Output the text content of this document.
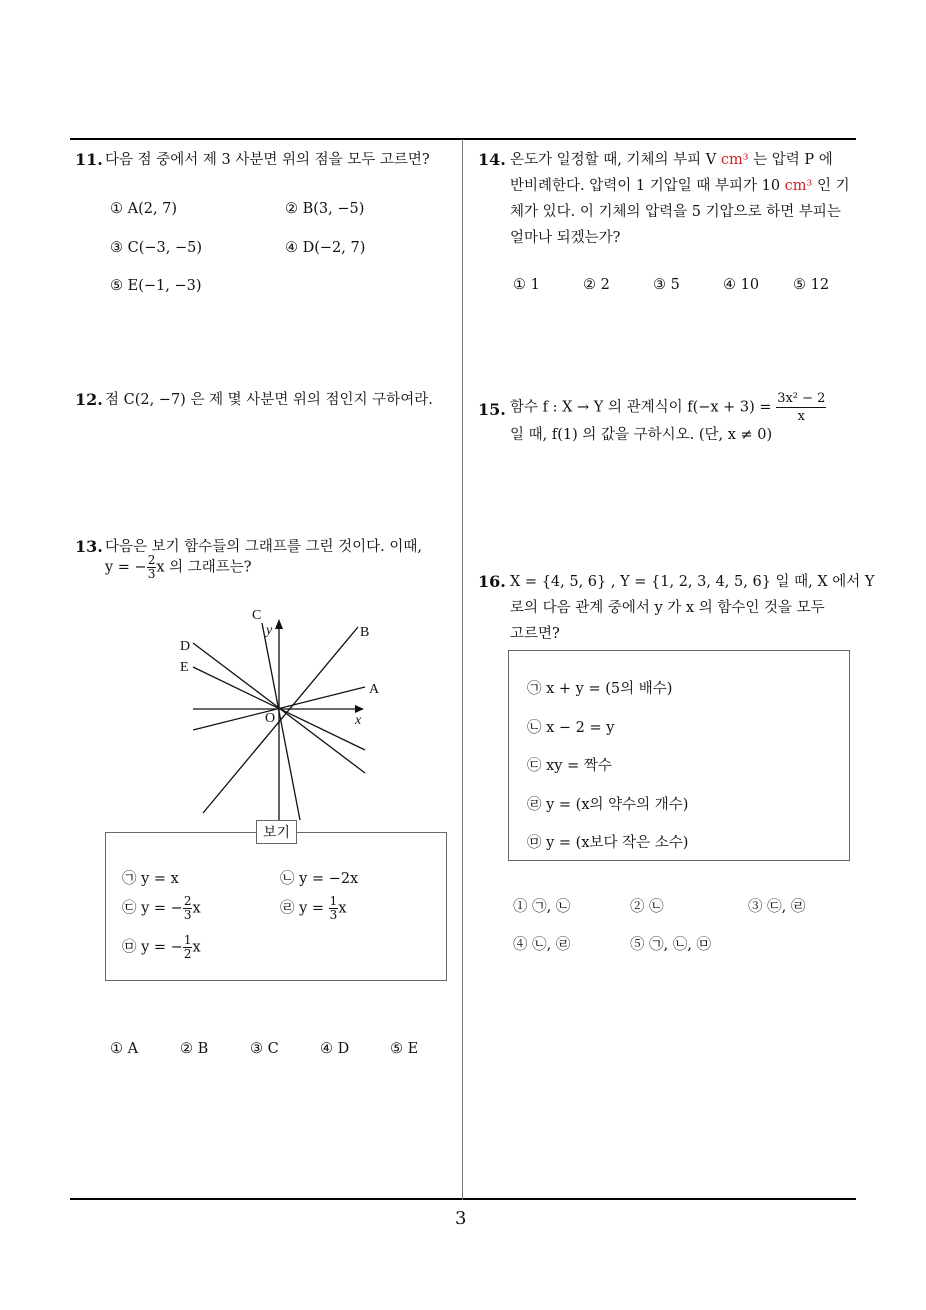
3
11. 다음 점 중에서 제 3 사분면 위의 점을 모두 고르면?
① A(2, 7)	② B(3, −5)
③ C(−3, −5)	④ D(−2, 7)
⑤ E(−1, −3)
12. 점 C(2, −7) 은 제 몇 사분면 위의 점인지 구하여라.
13. 다음은 보기 함수들의 그래프를 그린 것이다. 이때,
y = − $\frac{2}{3}$ x 의 그래프는?
C
B
D
E
A
O	x
y
보기
㉠ y = x	㉡ y = −2x
㉢ y = − $\frac{2}{3}$ x	㉣ $y = \frac{1}{3}$ x
㉤ y = − $\frac{1}{2}$ x
① A	② B	③ C	④ D	⑤ E
14. 온도가 일정할 때, 기체의 부피 V cm³ 는 압력 P 에
반비례한다. 압력이 1 기압일 때 부피가 10 cm³ 인 기
체가 있다. 이 기체의 압력을 5 기압으로 하면 부피는
얼마나 되겠는가?
① 1	② 2	③ 5	④ 10 ⑤ 12
15. 함수 f : X → Y 의 관계식이 $f(-x + 3) = \frac{\text{3x² − 2}}{x}$
일 때, f(1) 의 값을 구하시오. (단, x ≠ 0)
16. X = {4, 5, 6} , Y = {1, 2, 3, 4, 5, 6} 일 때, X 에서 Y
로의 다음 관계 중에서 y 가 x 의 함수인 것을 모두
고르면?
㉠ x + y = (5의 배수)
㉡ x − 2 = y
㉢ xy = 짝수
㉣ y = (x의 약수의 개수)
㉤ y = (x보다 작은 소수)
① ㉠, ㉡	② ㉡	③ ㉢, ㉣
④ ㉡, ㉣	⑤ ㉠, ㉡, ㉤
